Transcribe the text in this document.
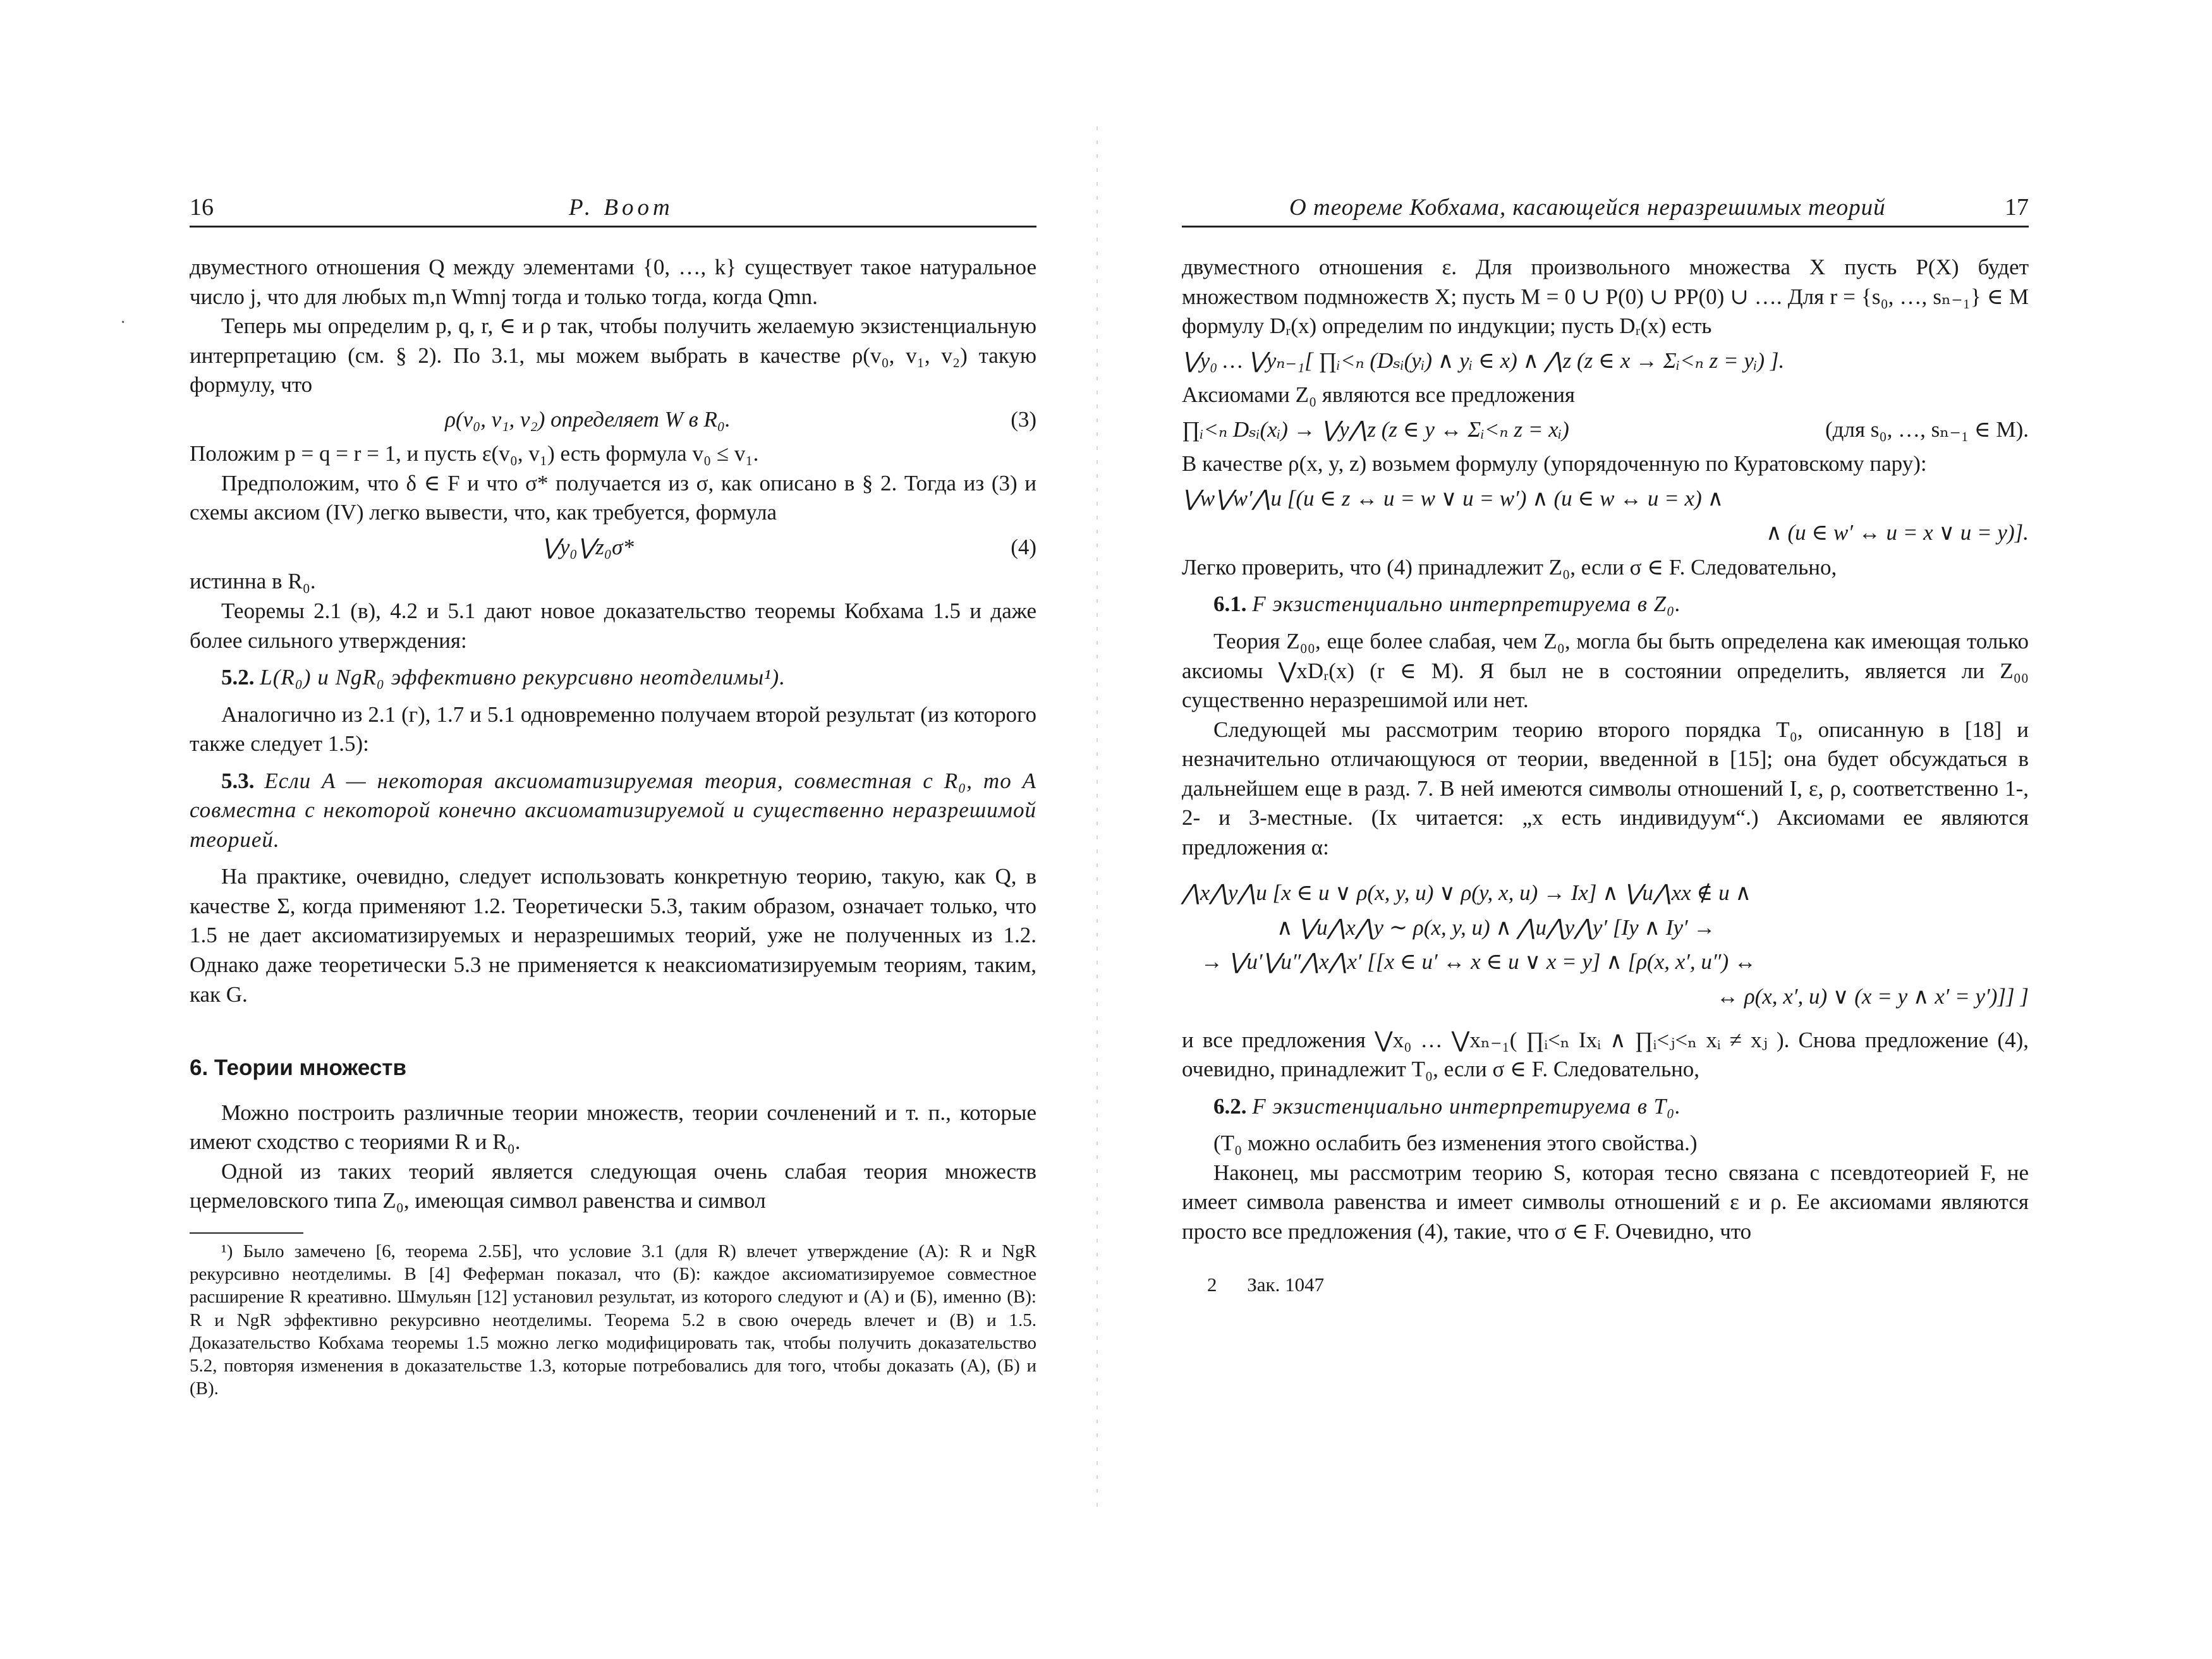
·
16	Р. Воот

двуместного отношения Q между элементами {0, …, k} существует такое натуральное число j, что для любых m,n Wmnj тогда и только тогда, когда Qmn.

Теперь мы определим p, q, r, ∈ и ρ так, чтобы получить желаемую экзистенциальную интерпретацию (см. § 2). По 3.1, мы можем выбрать в качестве ρ(v₀, v₁, v₂) такую формулу, что

ρ(v₀, v₁, v₂) определяет W в R₀.	(3)

Положим p = q = r = 1, и пусть ε(v₀, v₁) есть формула v₀ ≤ v₁.

Предположим, что δ ∈ F и что σ* получается из σ, как описано в § 2. Тогда из (3) и схемы аксиом (IV) легко вывести, что, как требуется, формула

⋁y₀⋁z₀σ*	(4)

истинна в R₀.

Теоремы 2.1 (в), 4.2 и 5.1 дают новое доказательство теоремы Кобхама 1.5 и даже более сильного утверждения:

5.2. L(R₀) и NgR₀ эффективно рекурсивно неотделимы¹).

Аналогично из 2.1 (г), 1.7 и 5.1 одновременно получаем второй результат (из которого также следует 1.5):

5.3. Если A — некоторая аксиоматизируемая теория, совместная с R₀, то A совместна с некоторой конечно аксиоматизируемой и существенно неразрешимой теорией.

На практике, очевидно, следует использовать конкретную теорию, такую, как Q, в качестве Σ, когда применяют 1.2. Теоретически 5.3, таким образом, означает только, что 1.5 не дает аксиоматизируемых и неразрешимых теорий, уже не полученных из 1.2. Однако даже теоретически 5.3 не применяется к неаксиоматизируемым теориям, таким, как G.

6. Теории множеств

Можно построить различные теории множеств, теории сочленений и т. п., которые имеют сходство с теориями R и R₀.

Одной из таких теорий является следующая очень слабая теория множеств цермеловского типа Z₀, имеющая символ равенства и символ

¹) Было замечено [6, теорема 2.5Б], что условие 3.1 (для R) влечет утверждение (А): R и NgR рекурсивно неотделимы. В [4] Феферман показал, что (Б): каждое аксиоматизируемое совместное расширение R креативно. Шмульян [12] установил результат, из которого следуют и (А) и (Б), именно (В): R и NgR эффективно рекурсивно неотделимы. Теорема 5.2 в свою очередь влечет и (В) и 1.5. Доказательство Кобхама теоремы 1.5 можно легко модифицировать так, чтобы получить доказательство 5.2, повторяя изменения в доказательстве 1.3, которые потребовались для того, чтобы доказать (А), (Б) и (В).
О теореме Кобхама, касающейся неразрешимых теорий	17

двуместного отношения ε. Для произвольного множества X пусть P(X) будет множеством подмножеств X; пусть M = 0 ∪ P(0) ∪ PP(0) ∪ …. Для r = {s₀, …, sₙ₋₁} ∈ M формулу Dᵣ(x) определим по индукции; пусть Dᵣ(x) есть

⋁y₀ … ⋁yₙ₋₁[ ∏ᵢ<ₙ (Dₛᵢ(yᵢ) ∧ yᵢ ∈ x) ∧ ⋀z (z ∈ x → Σᵢ<ₙ z = yᵢ) ].

Аксиомами Z₀ являются все предложения

∏ᵢ<ₙ Dₛᵢ(xᵢ) → ⋁y⋀z (z ∈ y ↔ Σᵢ<ₙ z = xᵢ)	(для s₀, …, sₙ₋₁ ∈ M).

В качестве ρ(x, y, z) возьмем формулу (упорядоченную по Куратовскому пару):

⋁w⋁w′⋀u [(u ∈ z ↔ u = w ∨ u = w′) ∧ (u ∈ w ↔ u = x) ∧
∧ (u ∈ w′ ↔ u = x ∨ u = y)].

Легко проверить, что (4) принадлежит Z₀, если σ ∈ F. Следовательно,

6.1. F экзистенциально интерпретируема в Z₀.

Теория Z₀₀, еще более слабая, чем Z₀, могла бы быть определена как имеющая только аксиомы ⋁xDᵣ(x) (r ∈ M). Я был не в состоянии определить, является ли Z₀₀ существенно неразрешимой или нет.

Следующей мы рассмотрим теорию второго порядка T₀, описанную в [18] и незначительно отличающуюся от теории, введенной в [15]; она будет обсуждаться в дальнейшем еще в разд. 7. В ней имеются символы отношений I, ε, ρ, соответственно 1-, 2- и 3-местные. (Ix читается: „x есть индивидуум“.) Аксиомами ее являются предложения α:

⋀x⋀y⋀u [x ∈ u ∨ ρ(x, y, u) ∨ ρ(y, x, u) → Ix] ∧ ⋁u⋀xx ∉ u ∧
∧ ⋁u⋀x⋀y ∼ ρ(x, y, u) ∧ ⋀u⋀y⋀y′ [Iy ∧ Iy′ →
→ ⋁u′⋁u″⋀x⋀x′ [[x ∈ u′ ↔ x ∈ u ∨ x = y] ∧ [ρ(x, x′, u″) ↔
↔ ρ(x, x′, u) ∨ (x = y ∧ x′ = y′)]] ]

и все предложения ⋁x₀ … ⋁xₙ₋₁( ∏ᵢ<ₙ Ixᵢ ∧ ∏ᵢ<ⱼ<ₙ xᵢ ≠ xⱼ ). Снова предложение (4), очевидно, принадлежит T₀, если σ ∈ F. Следовательно,

6.2. F экзистенциально интерпретируема в T₀.

(T₀ можно ослабить без изменения этого свойства.)

Наконец, мы рассмотрим теорию S, которая тесно связана с псевдотеорией F, не имеет символа равенства и имеет символы отношений ε и ρ. Ее аксиомами являются просто все предложения (4), такие, что σ ∈ F. Очевидно, что

2 Зак. 1047
